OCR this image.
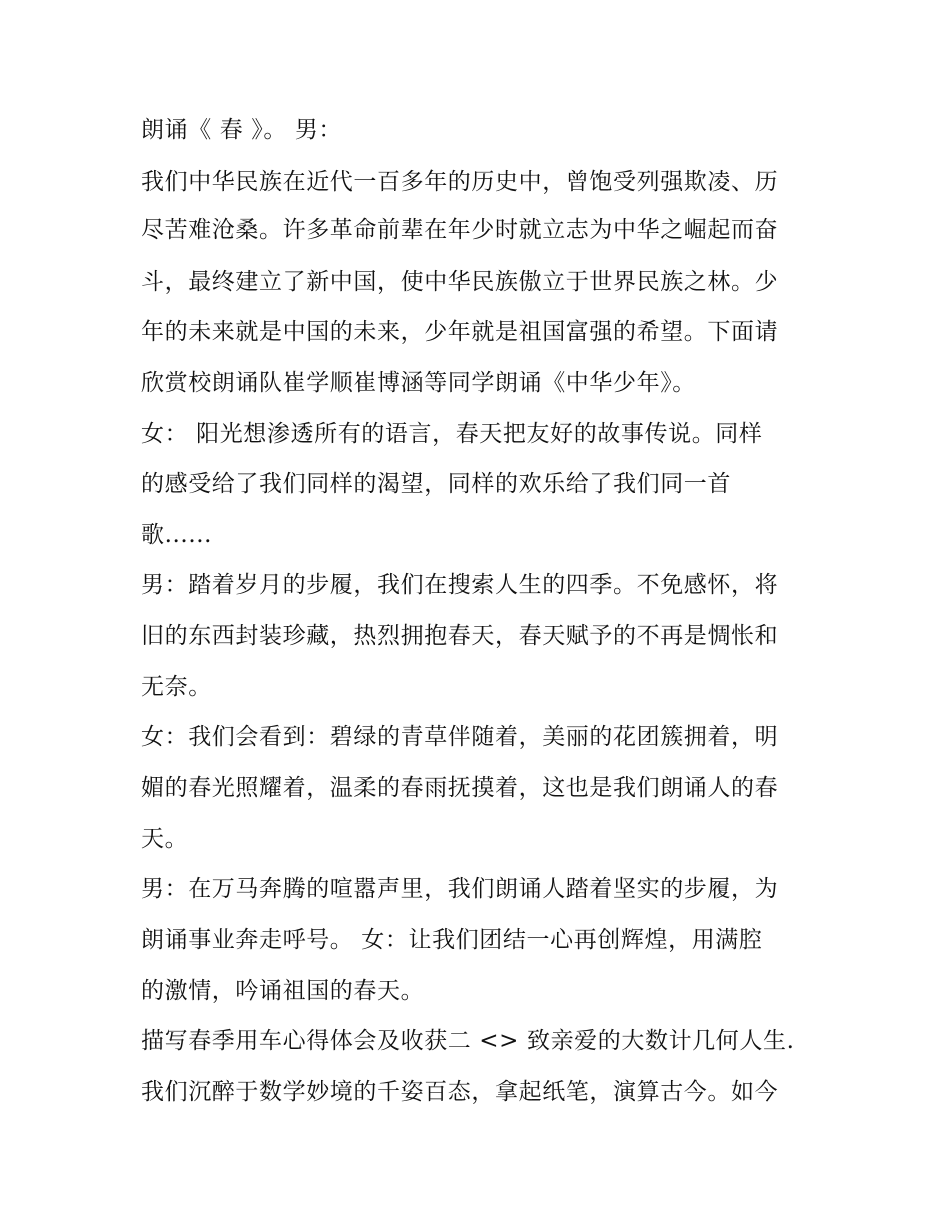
朗诵《 春 》。 男：
我们中华民族在近代一百多年的历史中，曾饱受列强欺凌、历
尽苦难沧桑。许多革命前辈在年少时就立志为中华之崛起而奋
斗，最终建立了新中国，使中华民族傲立于世界民族之林。少
年的未来就是中国的未来，少年就是祖国富强的希望。下面请
欣赏校朗诵队崔学顺崔博涵等同学朗诵《中华少年》。
女： 阳光想渗透所有的语言，春天把友好的故事传说。同样
的感受给了我们同样的渴望，同样的欢乐给了我们同一首
歌......
男：踏着岁月的步履，我们在搜索人生的四季。不免感怀，将
旧的东西封装珍藏，热烈拥抱春天，春天赋予的不再是惆怅和
无奈。
女：我们会看到：碧绿的青草伴随着，美丽的花团簇拥着，明
媚的春光照耀着，温柔的春雨抚摸着，这也是我们朗诵人的春
天。
男：在万马奔腾的喧嚣声里，我们朗诵人踏着坚实的步履，为
朗诵事业奔走呼号。 女：让我们团结一心再创辉煌，用满腔
的激情，吟诵祖国的春天。
描写春季用车心得体会及收获二 <> 致亲爱的大数计几何人生.
我们沉醉于数学妙境的千姿百态，拿起纸笔，演算古今。如今
